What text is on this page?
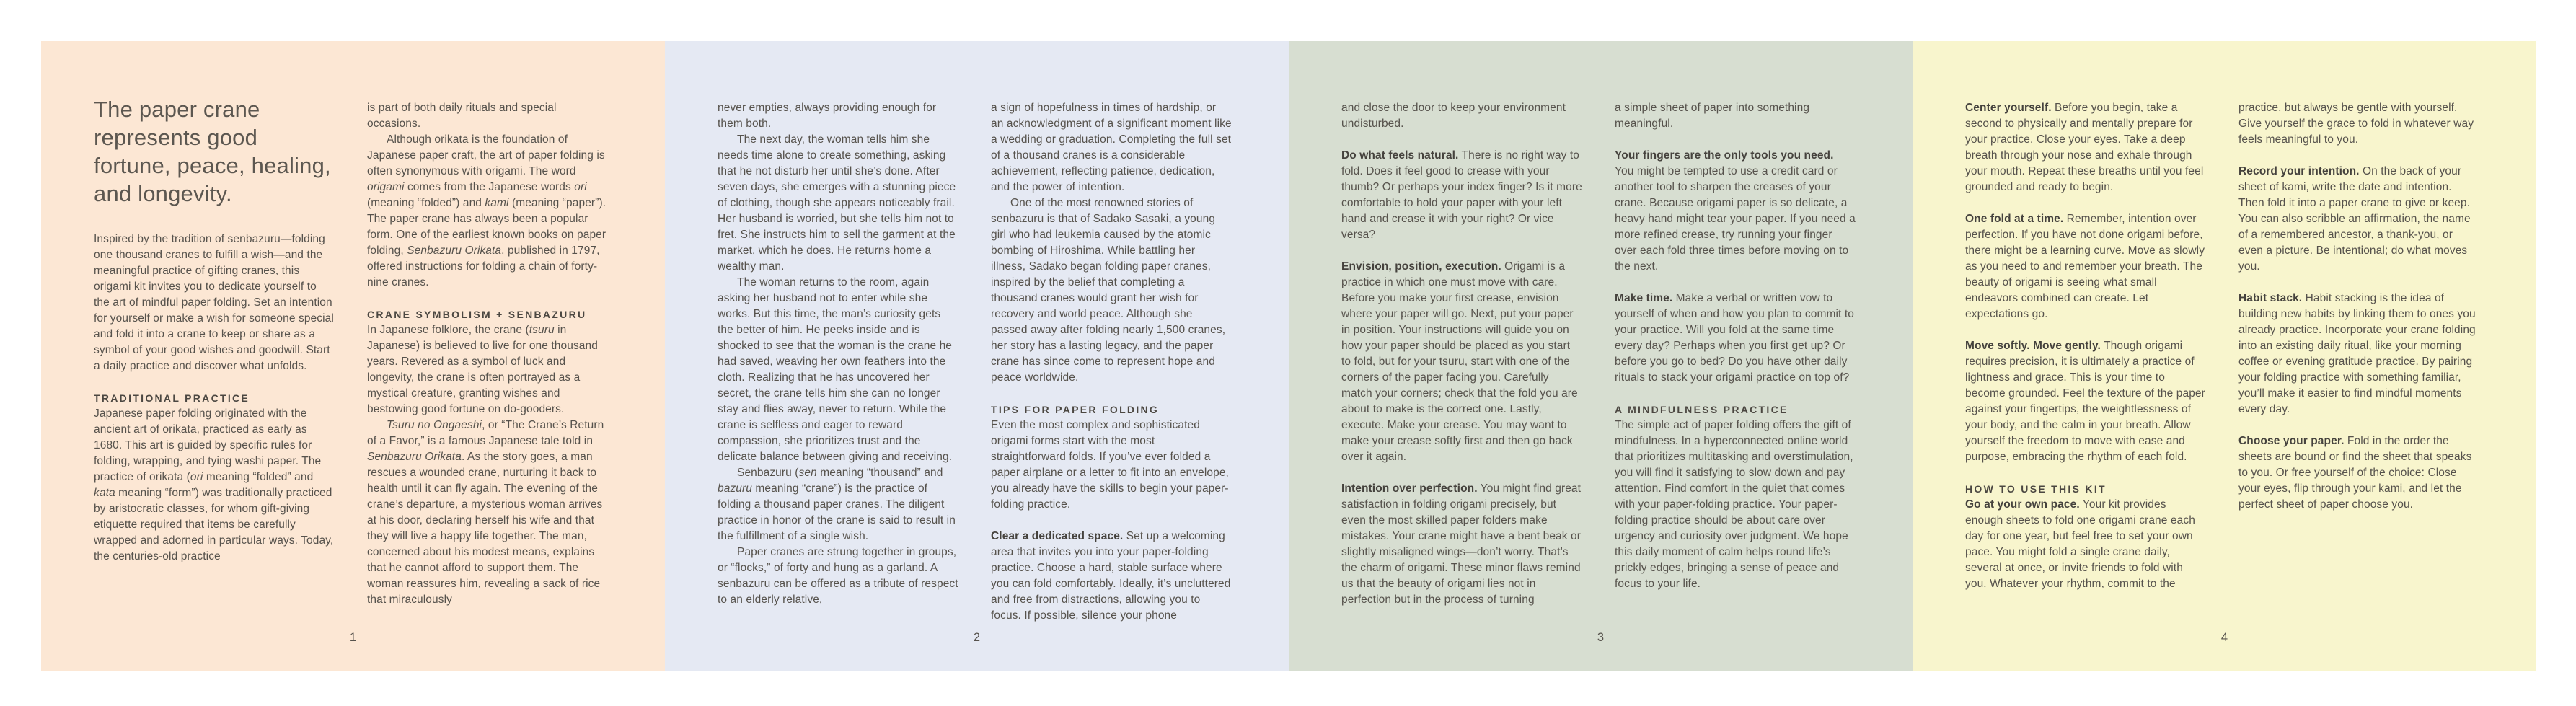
The paper crane represents good fortune, peace, healing, and longevity.

Inspired by the tradition of senbazuru—folding one thousand cranes to fulfill a wish—and the meaningful practice of gifting cranes, this origami kit invites you to dedicate yourself to the art of mindful paper folding. Set an intention for yourself or make a wish for someone special and fold it into a crane to keep or share as a symbol of your good wishes and goodwill. Start a daily practice and discover what unfolds.

TRADITIONAL PRACTICE

Japanese paper folding originated with the ancient art of orikata, practiced as early as 1680. This art is guided by specific rules for folding, wrapping, and tying washi paper. The practice of orikata (ori meaning “folded” and kata meaning “form”) was traditionally practiced by aristocratic classes, for whom gift-giving etiquette required that items be carefully wrapped and adorned in particular ways. Today, the centuries-old practice

is part of both daily rituals and special occasions.

Although orikata is the foundation of Japanese paper craft, the art of paper folding is often synonymous with origami. The word origami comes from the Japanese words ori (meaning “folded”) and kami (meaning “paper”). The paper crane has always been a popular form. One of the earliest known books on paper folding, Senbazuru Orikata, published in 1797, offered instructions for folding a chain of forty-nine cranes.

CRANE SYMBOLISM + SENBAZURU

In Japanese folklore, the crane (tsuru in Japanese) is believed to live for one thousand years. Revered as a symbol of luck and longevity, the crane is often portrayed as a mystical creature, granting wishes and bestowing good fortune on do-gooders.

Tsuru no Ongaeshi, or “The Crane’s Return of a Favor,” is a famous Japanese tale told in Senbazuru Orikata. As the story goes, a man rescues a wounded crane, nurturing it back to health until it can fly again. The evening of the crane’s departure, a mysterious woman arrives at his door, declaring herself his wife and that they will live a happy life together. The man, concerned about his modest means, explains that he cannot afford to support them. The woman reassures him, revealing a sack of rice that miraculously

1

never empties, always providing enough for them both.

The next day, the woman tells him she needs time alone to create something, asking that he not disturb her until she’s done. After seven days, she emerges with a stunning piece of clothing, though she appears noticeably frail. Her husband is worried, but she tells him not to fret. She instructs him to sell the garment at the market, which he does. He returns home a wealthy man.

The woman returns to the room, again asking her husband not to enter while she works. But this time, the man’s curiosity gets the better of him. He peeks inside and is shocked to see that the woman is the crane he had saved, weaving her own feathers into the cloth. Realizing that he has uncovered her secret, the crane tells him she can no longer stay and flies away, never to return. While the crane is selfless and eager to reward compassion, she prioritizes trust and the delicate balance between giving and receiving.

Senbazuru (sen meaning “thousand” and bazuru meaning “crane”) is the practice of folding a thousand paper cranes. The diligent practice in honor of the crane is said to result in the fulfillment of a single wish.

Paper cranes are strung together in groups, or “flocks,” of forty and hung as a garland. A senbazuru can be offered as a tribute of respect to an elderly relative,

a sign of hopefulness in times of hardship, or an acknowledgment of a significant moment like a wedding or graduation. Completing the full set of a thousand cranes is a considerable achievement, reflecting patience, dedication, and the power of intention.

One of the most renowned stories of senbazuru is that of Sadako Sasaki, a young girl who had leukemia caused by the atomic bombing of Hiroshima. While battling her illness, Sadako began folding paper cranes, inspired by the belief that completing a thousand cranes would grant her wish for recovery and world peace. Although she passed away after folding nearly 1,500 cranes, her story has a lasting legacy, and the paper crane has since come to represent hope and peace worldwide.

TIPS FOR PAPER FOLDING

Even the most complex and sophisticated origami forms start with the most straightforward folds. If you’ve ever folded a paper airplane or a letter to fit into an envelope, you already have the skills to begin your paper-folding practice.

Clear a dedicated space. Set up a welcoming area that invites you into your paper-folding practice. Choose a hard, stable surface where you can fold comfortably. Ideally, it’s uncluttered and free from distractions, allowing you to focus. If possible, silence your phone

2

and close the door to keep your environment undisturbed.

Do what feels natural. There is no right way to fold. Does it feel good to crease with your thumb? Or perhaps your index finger? Is it more comfortable to hold your paper with your left hand and crease it with your right? Or vice versa?

Envision, position, execution. Origami is a practice in which one must move with care. Before you make your first crease, envision where your paper will go. Next, put your paper in position. Your instructions will guide you on how your paper should be placed as you start to fold, but for your tsuru, start with one of the corners of the paper facing you. Carefully match your corners; check that the fold you are about to make is the correct one. Lastly, execute. Make your crease. You may want to make your crease softly first and then go back over it again.

Intention over perfection. You might find great satisfaction in folding origami precisely, but even the most skilled paper folders make mistakes. Your crane might have a bent beak or slightly misaligned wings—don’t worry. That’s the charm of origami. These minor flaws remind us that the beauty of origami lies not in perfection but in the process of turning

a simple sheet of paper into something meaningful.

Your fingers are the only tools you need. You might be tempted to use a credit card or another tool to sharpen the creases of your crane. Because origami paper is so delicate, a heavy hand might tear your paper. If you need a more refined crease, try running your finger over each fold three times before moving on to the next.

Make time. Make a verbal or written vow to yourself of when and how you plan to commit to your practice. Will you fold at the same time every day? Perhaps when you first get up? Or before you go to bed? Do you have other daily rituals to stack your origami practice on top of?

A MINDFULNESS PRACTICE

The simple act of paper folding offers the gift of mindfulness. In a hyperconnected online world that prioritizes multitasking and overstimulation, you will find it satisfying to slow down and pay attention. Find comfort in the quiet that comes with your paper-folding practice. Your paper-folding practice should be about care over urgency and curiosity over judgment. We hope this daily moment of calm helps round life’s prickly edges, bringing a sense of peace and focus to your life.

3

Center yourself. Before you begin, take a second to physically and mentally prepare for your practice. Close your eyes. Take a deep breath through your nose and exhale through your mouth. Repeat these breaths until you feel grounded and ready to begin.

One fold at a time. Remember, intention over perfection. If you have not done origami before, there might be a learning curve. Move as slowly as you need to and remember your breath. The beauty of origami is seeing what small endeavors combined can create. Let expectations go.

Move softly. Move gently. Though origami requires precision, it is ultimately a practice of lightness and grace. This is your time to become grounded. Feel the texture of the paper against your fingertips, the weightlessness of your body, and the calm in your breath. Allow yourself the freedom to move with ease and purpose, embracing the rhythm of each fold.

HOW TO USE THIS KIT

Go at your own pace. Your kit provides enough sheets to fold one origami crane each day for one year, but feel free to set your own pace. You might fold a single crane daily, several at once, or invite friends to fold with you. Whatever your rhythm, commit to the

practice, but always be gentle with yourself. Give yourself the grace to fold in whatever way feels meaningful to you.

Record your intention. On the back of your sheet of kami, write the date and intention. Then fold it into a paper crane to give or keep. You can also scribble an affirmation, the name of a remembered ancestor, a thank-you, or even a picture. Be intentional; do what moves you.

Habit stack. Habit stacking is the idea of building new habits by linking them to ones you already practice. Incorporate your crane folding into an existing daily ritual, like your morning coffee or evening gratitude practice. By pairing your folding practice with something familiar, you’ll make it easier to find mindful moments every day.

Choose your paper. Fold in the order the sheets are bound or find the sheet that speaks to you. Or free yourself of the choice: Close your eyes, flip through your kami, and let the perfect sheet of paper choose you.

4
